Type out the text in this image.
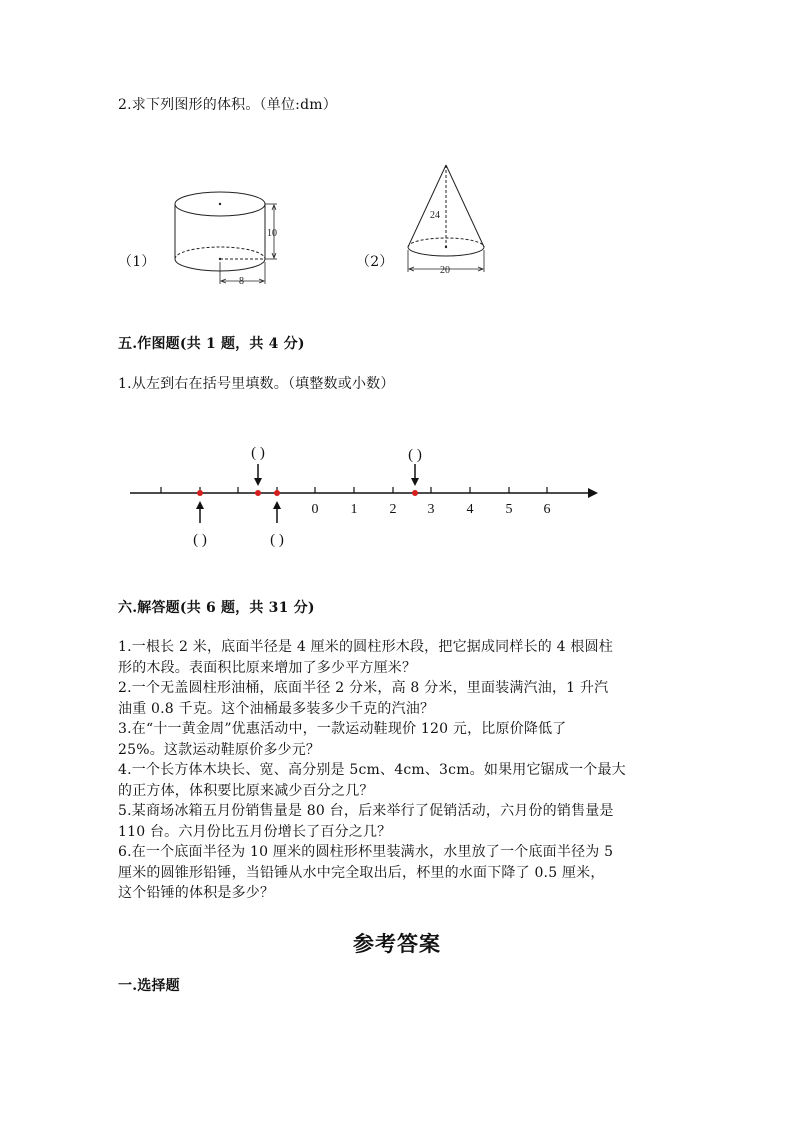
2.求下列图形的体积。（单位:dm）
（1）	（2）
10
8
24
20
五.作图题(共 1 题，共 4 分)
1.从左到右在括号里填数。（填整数或小数）
0 1 2 3 4 5 6
( )	( )
( )	( )
六.解答题(共 6 题，共 31 分)
1.一根长 2 米，底面半径是 4 厘米的圆柱形木段，把它据成同样长的 4 根圆柱
形的木段。表面积比原来增加了多少平方厘米？
2.一个无盖圆柱形油桶，底面半径 2 分米，高 8 分米，里面装满汽油，1 升汽
油重 0.8 千克。这个油桶最多装多少千克的汽油？
3.在“十一黄金周”优惠活动中，一款运动鞋现价 120 元，比原价降低了
25%。这款运动鞋原价多少元？
4.一个长方体木块长、宽、高分别是 5cm、4cm、3cm。如果用它锯成一个最大
的正方体，体积要比原来减少百分之几？
5.某商场冰箱五月份销售量是 80 台，后来举行了促销活动，六月份的销售量是
110 台。六月份比五月份增长了百分之几？
6.在一个底面半径为 10 厘米的圆柱形杯里装满水，水里放了一个底面半径为 5
厘米的圆锥形铅锤，当铅锤从水中完全取出后，杯里的水面下降了 0.5 厘米，
这个铅锤的体积是多少？
参考答案
一.选择题
